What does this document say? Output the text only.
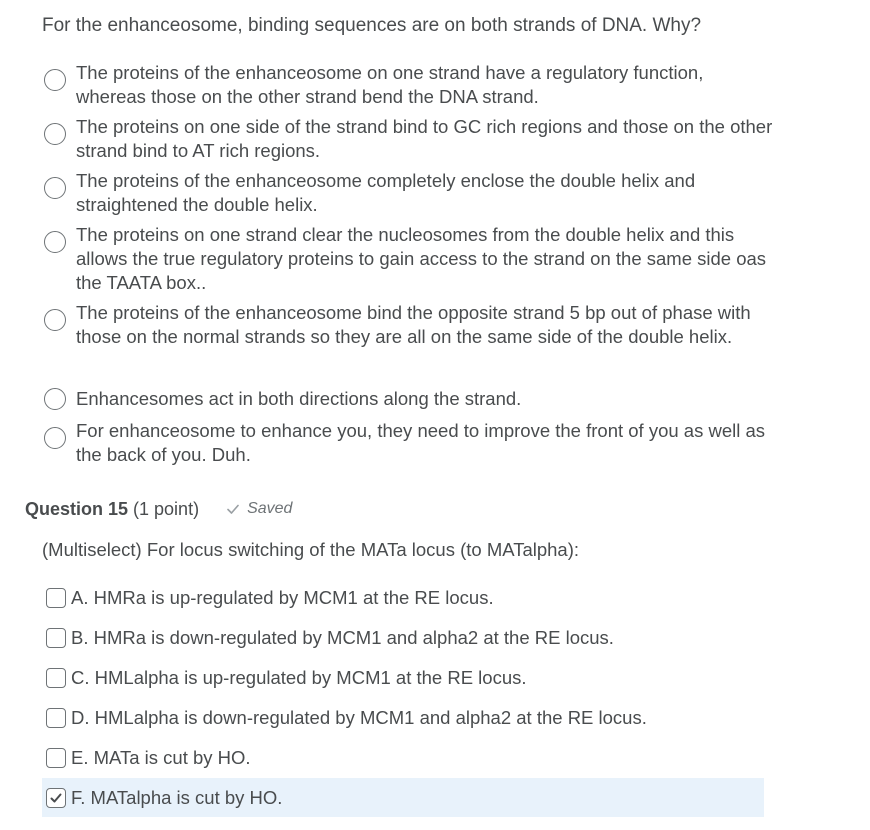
For the enhanceosome, binding sequences are on both strands of DNA. Why?
The proteins of the enhanceosome on one strand have a regulatory function, whereas those on the other strand bend the DNA strand.
The proteins on one side of the strand bind to GC rich regions and those on the other strand bind to AT rich regions.
The proteins of the enhanceosome completely enclose the double helix and straightened the double helix.
The proteins on one strand clear the nucleosomes from the double helix and this allows the true regulatory proteins to gain access to the strand on the same side oas the TAATA box..
The proteins of the enhanceosome bind the opposite strand 5 bp out of phase with those on the normal strands so they are all on the same side of the double helix.
Enhancesomes act in both directions along the strand.
For enhanceosome to enhance you, they need to improve the front of you as well as the back of you. Duh.
Question 15 (1 point)	Saved
(Multiselect) For locus switching of the MATa locus (to MATalpha):
A. HMRa is up-regulated by MCM1 at the RE locus.
B. HMRa is down-regulated by MCM1 and alpha2 at the RE locus.
C. HMLalpha is up-regulated by MCM1 at the RE locus.
D. HMLalpha is down-regulated by MCM1 and alpha2 at the RE locus.
E. MATa is cut by HO.
F. MATalpha is cut by HO.
